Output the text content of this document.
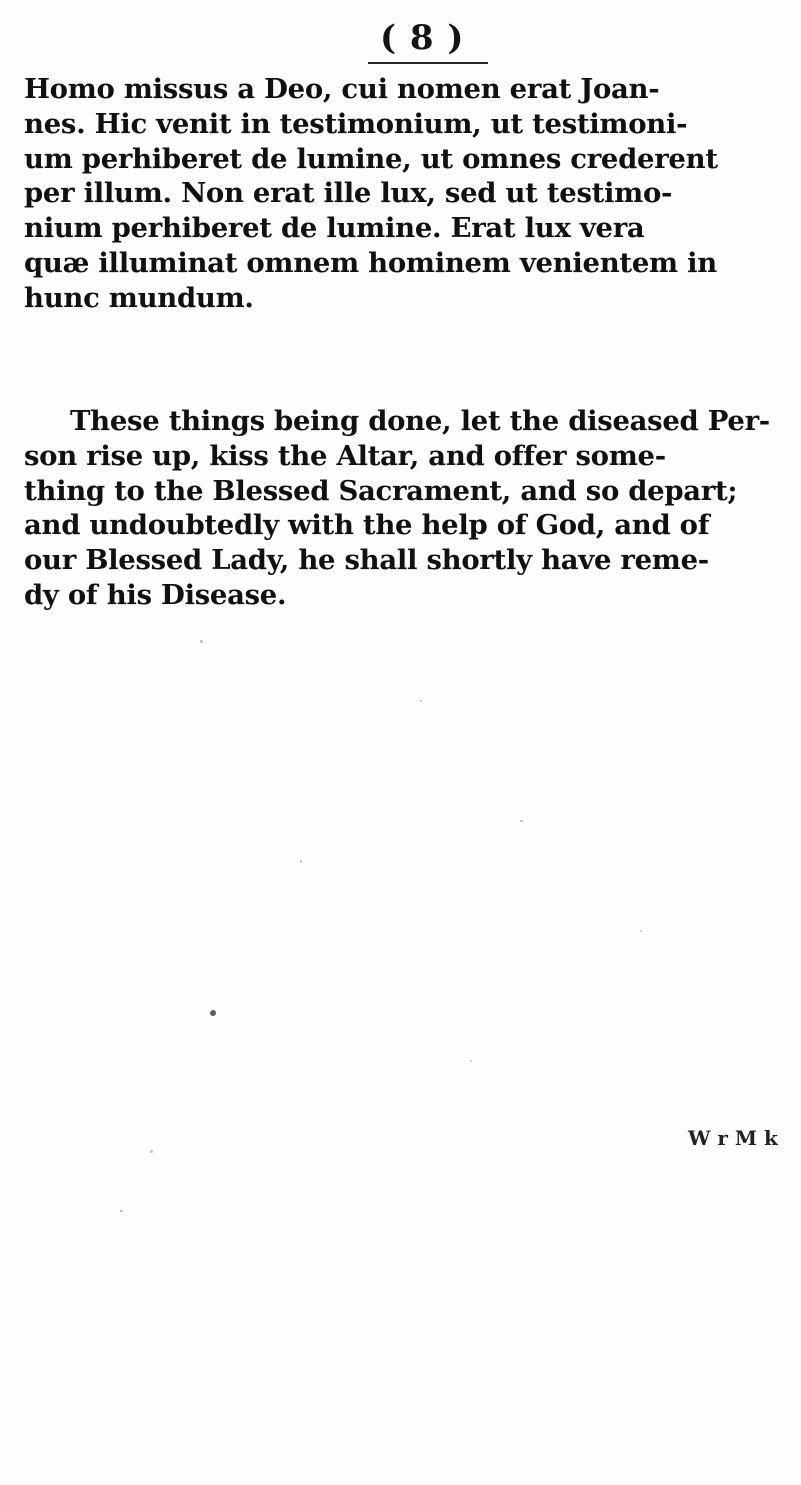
( 8 )
Homo missus a Deo, cui nomen erat Joan-
nes. Hic venit in testimonium, ut testimoni-
um perhiberet de lumine, ut omnes crederent
per illum. Non erat ille lux, sed ut testimo-
nium perhiberet de lumine. Erat lux vera
quæ illuminat omnem hominem venientem in
hunc mundum.
These things being done, let the diseased Per-
son rise up, kiss the Altar, and offer some-
thing to the Blessed Sacrament, and so depart;
and undoubtedly with the help of God, and of
our Blessed Lady, he shall shortly have reme-
dy of his Disease.
W r M k
